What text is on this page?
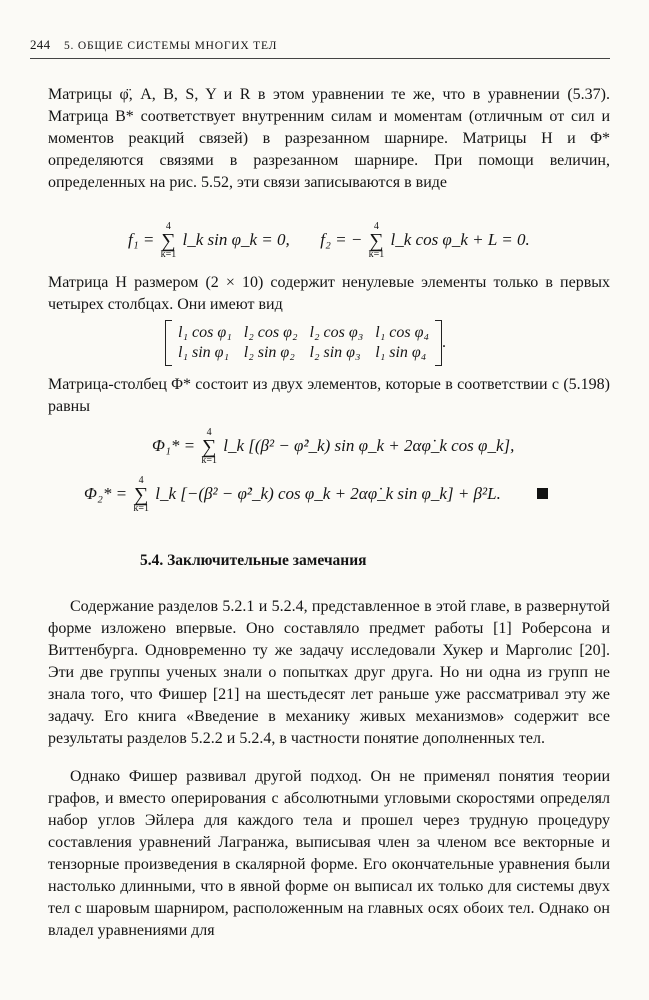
244 5. ОБЩИЕ СИСТЕМЫ МНОГИХ ТЕЛ

Матрицы φ̈, A, B, S, Y и R в этом уравнении те же, что в уравнении (5.37). Матрица B* соответствует внутренним силам и моментам (отличным от сил и моментов реакций связей) в разрезанном шарнире. Матрицы H и Φ* определяются связями в разрезанном шарнире. При помощи величин, определенных на рис. 5.52, эти связи записываются в виде

f₁ =
4
∑
k=1
l_k sin φ_k = 0, f₂ = −
4
∑
k=1
l_k cos φ_k + L = 0.

Матрица H размером (2 × 10) содержит ненулевые элементы только в первых четырех столбцах. Они имеют вид

l₁ cos φ₁	l₂ cos φ₂	l₂ cos φ₃	l₁ cos φ₄
l₁ sin φ₁	l₂ sin φ₂	l₂ sin φ₃	l₁ sin φ₄
.

Матрица-столбец Φ* состоит из двух элементов, которые в соответствии с (5.198) равны

Φ₁* =
4
∑
k=1
l_k [(β² − φ̇²_k) sin φ_k + 2αφ̇_k cos φ_k],
Φ₂* =
4
∑
k=1
l_k [−(β² − φ̇²_k) cos φ_k + 2αφ̇_k sin φ_k] + β²L.
5.4. Заключительные замечания

Содержание разделов 5.2.1 и 5.2.4, представленное в этой главе, в развернутой форме изложено впервые. Оно составляло предмет работы [1] Роберсона и Виттенбурга. Одновременно ту же задачу исследовали Хукер и Марголис [20]. Эти две группы ученых знали о попытках друг друга. Но ни одна из групп не знала того, что Фишер [21] на шестьдесят лет раньше уже рассматривал эту же задачу. Его книга «Введение в механику живых механизмов» содержит все результаты разделов 5.2.2 и 5.2.4, в частности понятие дополненных тел.

Однако Фишер развивал другой подход. Он не применял понятия теории графов, и вместо оперирования с абсолютными угловыми скоростями определял набор углов Эйлера для каждого тела и прошел через трудную процедуру составления уравнений Лагранжа, выписывая член за членом все векторные и тензорные произведения в скалярной форме. Его окончательные уравнения были настолько длинными, что в явной форме он выписал их только для системы двух тел с шаровым шарниром, расположенным на главных осях обоих тел. Однако он владел уравнениями для
